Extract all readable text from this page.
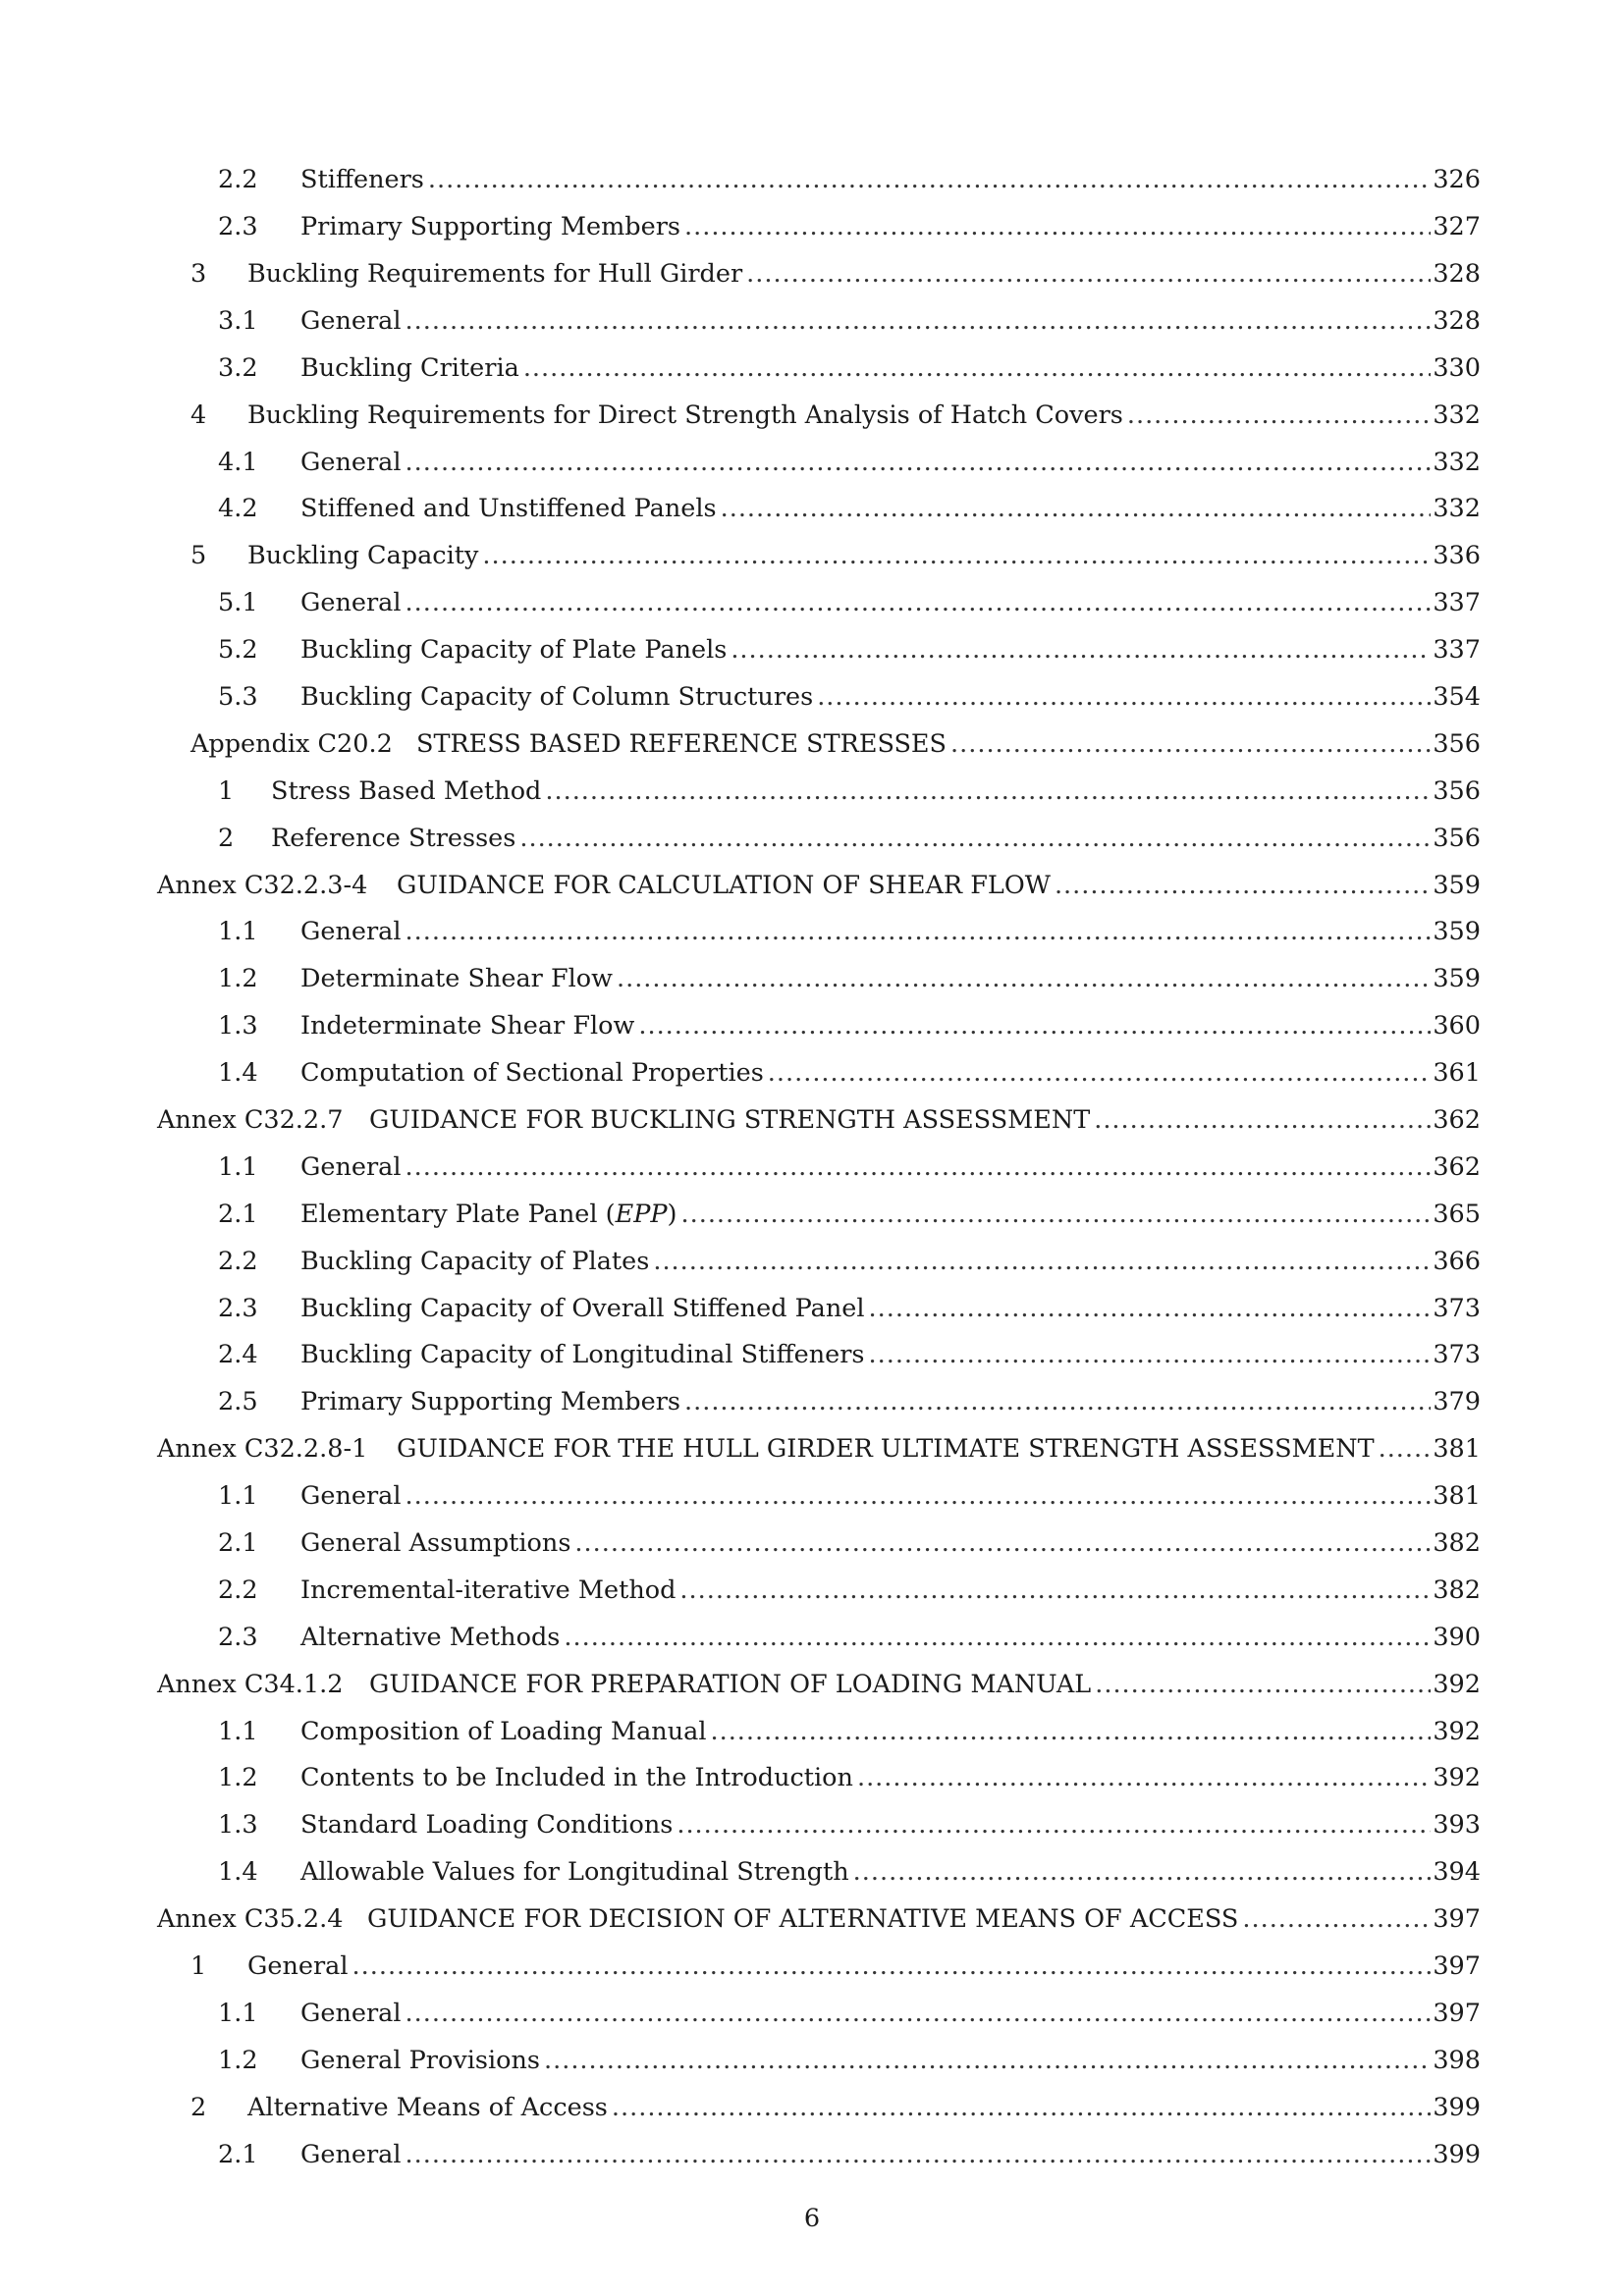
2.2	Stiffeners .....	326
2.3	Primary Supporting Members .....	327
3	Buckling Requirements for Hull Girder .....	328
3.1	General .....	328
3.2	Buckling Criteria .....	330
4	Buckling Requirements for Direct Strength Analysis of Hatch Covers .....	332
4.1	General .....	332
4.2	Stiffened and Unstiffened Panels .....	332
5	Buckling Capacity .....	336
5.1	General .....	337
5.2	Buckling Capacity of Plate Panels .....	337
5.3	Buckling Capacity of Column Structures .....	354
Appendix C20.2 STRESS BASED REFERENCE STRESSES .....	356
1	Stress Based Method .....	356
2	Reference Stresses .....	356
Annex C32.2.3-4	GUIDANCE FOR CALCULATION OF SHEAR FLOW .....	359
1.1	General .....	359
1.2	Determinate Shear Flow .....	359
1.3	Indeterminate Shear Flow .....	360
1.4	Computation of Sectional Properties .....	361
Annex C32.2.7	GUIDANCE FOR BUCKLING STRENGTH ASSESSMENT .....	362
1.1	General .....	362
2.1	Elementary Plate Panel (EPP) .....	365
2.2	Buckling Capacity of Plates .....	366
2.3	Buckling Capacity of Overall Stiffened Panel .....	373
2.4	Buckling Capacity of Longitudinal Stiffeners .....	373
2.5	Primary Supporting Members .....	379
Annex C32.2.8-1	GUIDANCE FOR THE HULL GIRDER ULTIMATE STRENGTH ASSESSMENT ..... 381
1.1	General .....	381
2.1	General Assumptions .....	382
2.2	Incremental-iterative Method .....	382
2.3	Alternative Methods .....	390
Annex C34.1.2	GUIDANCE FOR PREPARATION OF LOADING MANUAL .....	392
1.1	Composition of Loading Manual .....	392
1.2	Contents to be Included in the Introduction .....	392
1.3	Standard Loading Conditions .....	393
1.4	Allowable Values for Longitudinal Strength .....	394
Annex C35.2.4 GUIDANCE FOR DECISION OF ALTERNATIVE MEANS OF ACCESS .....	397
1	General .....	397
1.1	General .....	397
1.2	General Provisions .....	398
2	Alternative Means of Access .....	399
2.1	General .....	399
6
